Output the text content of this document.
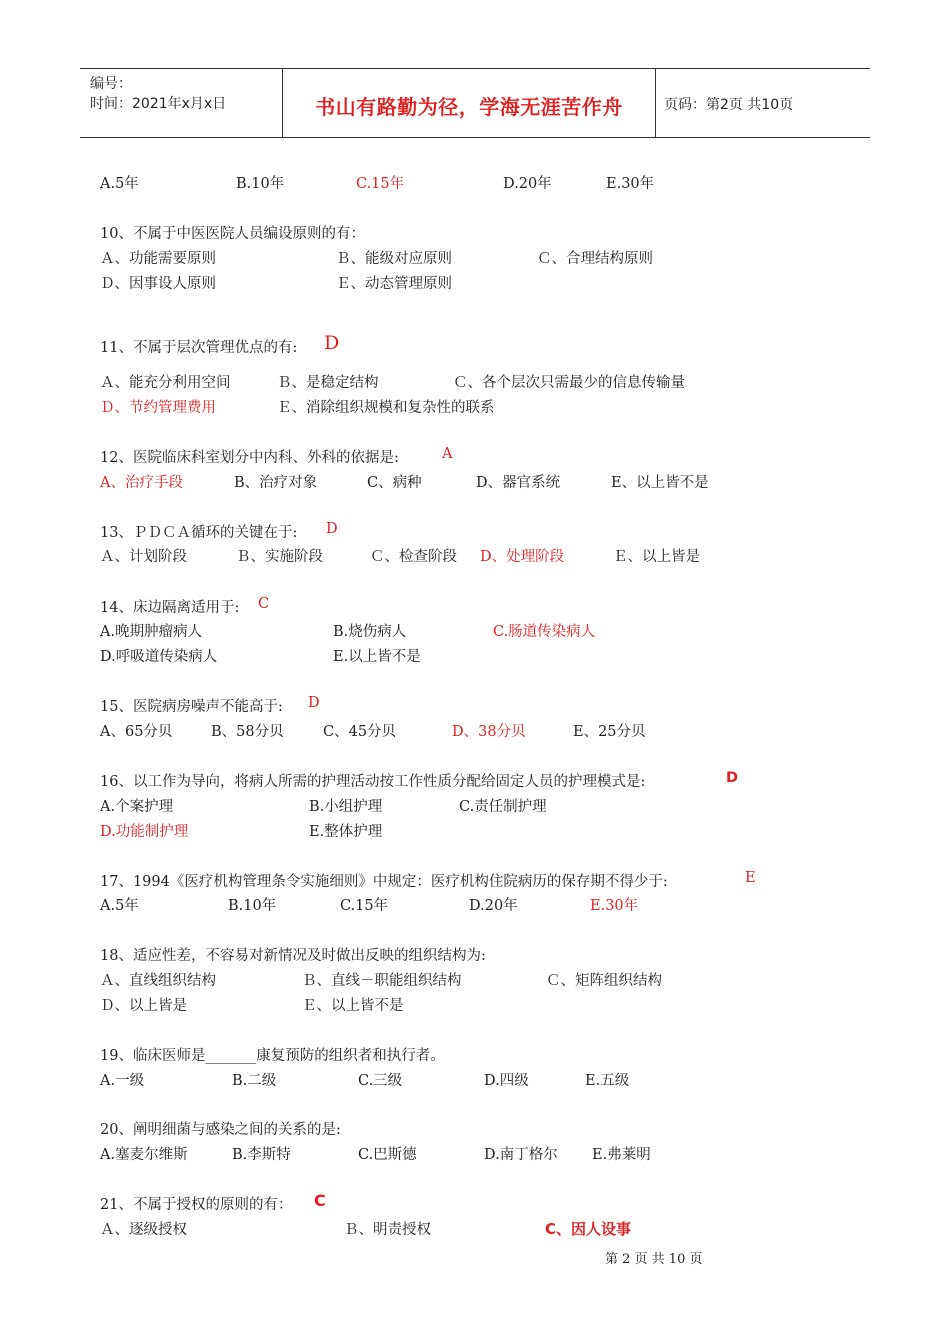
编号：
时间：2021年x月x日	书山有路勤为径，学海无涯苦作舟	页码：第2页 共10页
A.5年	B.10年	C.15年	D.20年	E.30年
10、不属于中医医院人员编设原则的有：
Ａ、功能需要原则	Ｂ、能级对应原则	Ｃ、合理结构原则
Ｄ、因事设人原则	Ｅ、动态管理原则
11、不属于层次管理优点的有: D
Ａ、能充分利用空间	Ｂ、是稳定结构	Ｃ、各个层次只需最少的信息传输量
Ｄ、节约管理费用	Ｅ、消除组织规模和复杂性的联系
12、医院临床科室划分中内科、外科的依据是:	A
A、治疗手段	B、治疗对象	C、病种	D、器官系统	E、以上皆不是
13、ＰＤＣＡ循环的关键在于: D
Ａ、计划阶段	Ｂ、实施阶段	Ｃ、检查阶段 D、处理阶段	Ｅ、以上皆是
14、床边隔离适用于: C
A.晚期肿瘤病人	B.烧伤病人	C.肠道传染病人
D.呼吸道传染病人	E.以上皆不是
15、医院病房噪声不能高于: D
A、65分贝	B、58分贝	C、45分贝	D、38分贝	E、25分贝
16、以工作为导向，将病人所需的护理活动按工作性质分配给固定人员的护理模式是:	D
A.个案护理	B.小组护理	C.责任制护理
D.功能制护理	E.整体护理
17、1994《医疗机构管理条令实施细则》中规定：医疗机构住院病历的保存期不得少于:	E
A.5年	B.10年	C.15年	D.20年	E.30年
18、适应性差，不容易对新情况及时做出反映的组织结构为:
Ａ、直线组织结构	Ｂ、直线－职能组织结构	Ｃ、矩阵组织结构
Ｄ、以上皆是	Ｅ、以上皆不是
19、临床医师是_______康复预防的组织者和执行者。
A.一级	B.二级	C.三级	D.四级	E.五级
20、阐明细菌与感染之间的关系的是:
A.塞麦尔维斯	B.李斯特	C.巴斯德	D.南丁格尔 E.弗莱明
21、不属于授权的原则的有： C
Ａ、逐级授权	Ｂ、明责授权	C、因人设事
第 2 页 共 10 页
